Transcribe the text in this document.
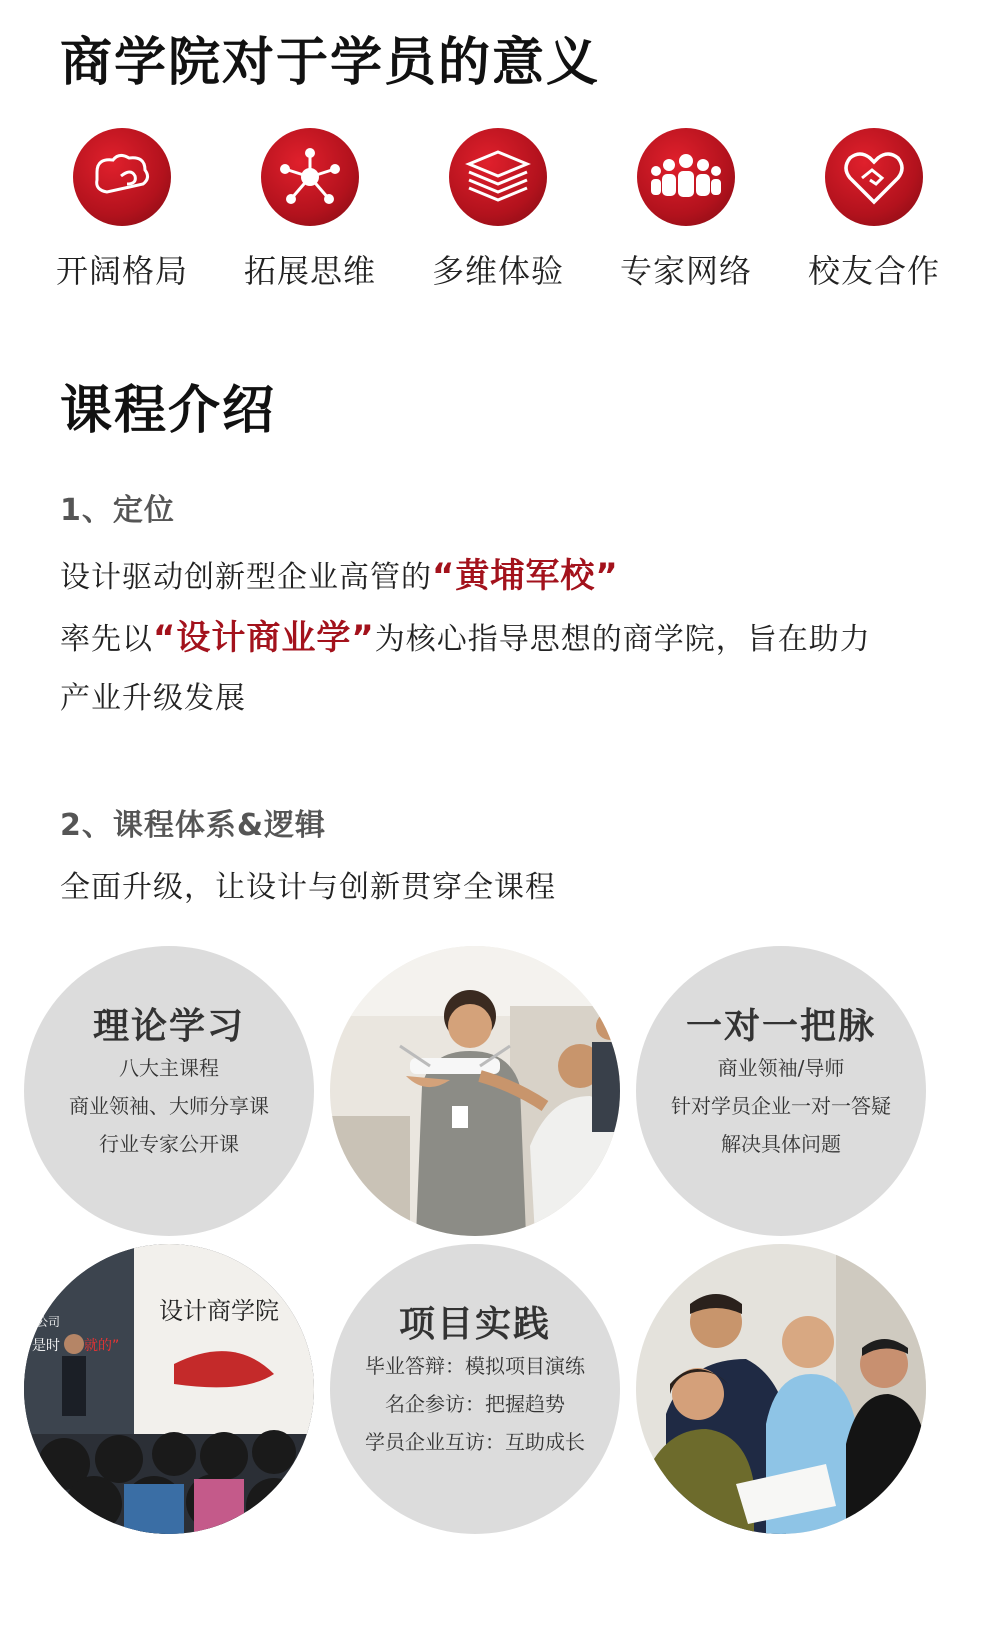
商学院对于学员的意义
开阔格局	拓展思维	多维体验	专家网络	校友合作
课程介绍
1、定位
设计驱动创新型企业高管的“黄埔军校”
率先以“设计商业学”为核心指导思想的商学院，旨在助力
产业升级发展
2、课程体系&逻辑
全面升级，让设计与创新贯穿全课程
理论学习
八大主课程
商业领袖、大师分享课
行业专家公开课
一对一把脉
商业领袖/导师
针对学员企业一对一答疑
解决具体问题
设计商学院
公司
是时 就的”
项目实践
毕业答辩：模拟项目演练
名企参访：把握趋势
学员企业互访：互助成长
